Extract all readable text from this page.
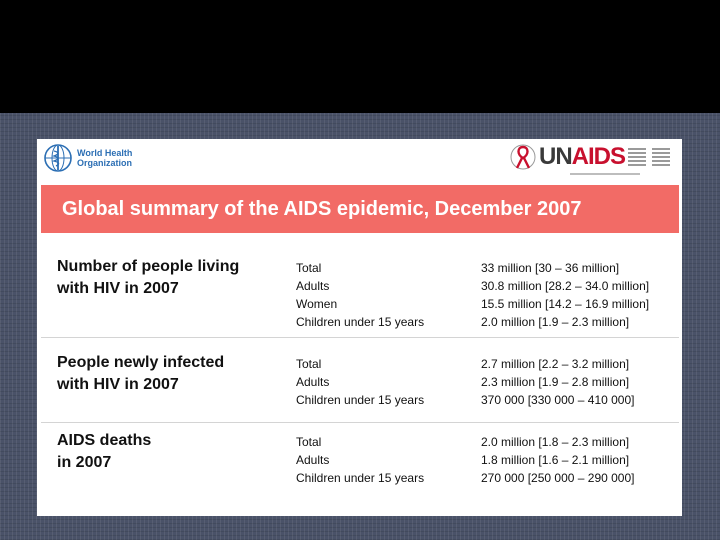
World Health
Organization	UNAIDS
Global summary of the AIDS epidemic, December 2007
Number of people living
with HIV in 2007
Total
Adults
Women
Children under 15 years
33 million [30 – 36 million]
30.8 million [28.2 – 34.0 million]
15.5 million [14.2 – 16.9 million]
2.0 million [1.9 – 2.3 million]
People newly infected
with HIV in 2007
Total
Adults
Children under 15 years
2.7 million [2.2 – 3.2 million]
2.3 million [1.9 – 2.8 million]
370 000 [330 000 – 410 000]
AIDS deaths
in 2007
Total
Adults
Children under 15 years
2.0 million [1.8 – 2.3 million]
1.8 million [1.6 – 2.1 million]
270 000 [250 000 – 290 000]
